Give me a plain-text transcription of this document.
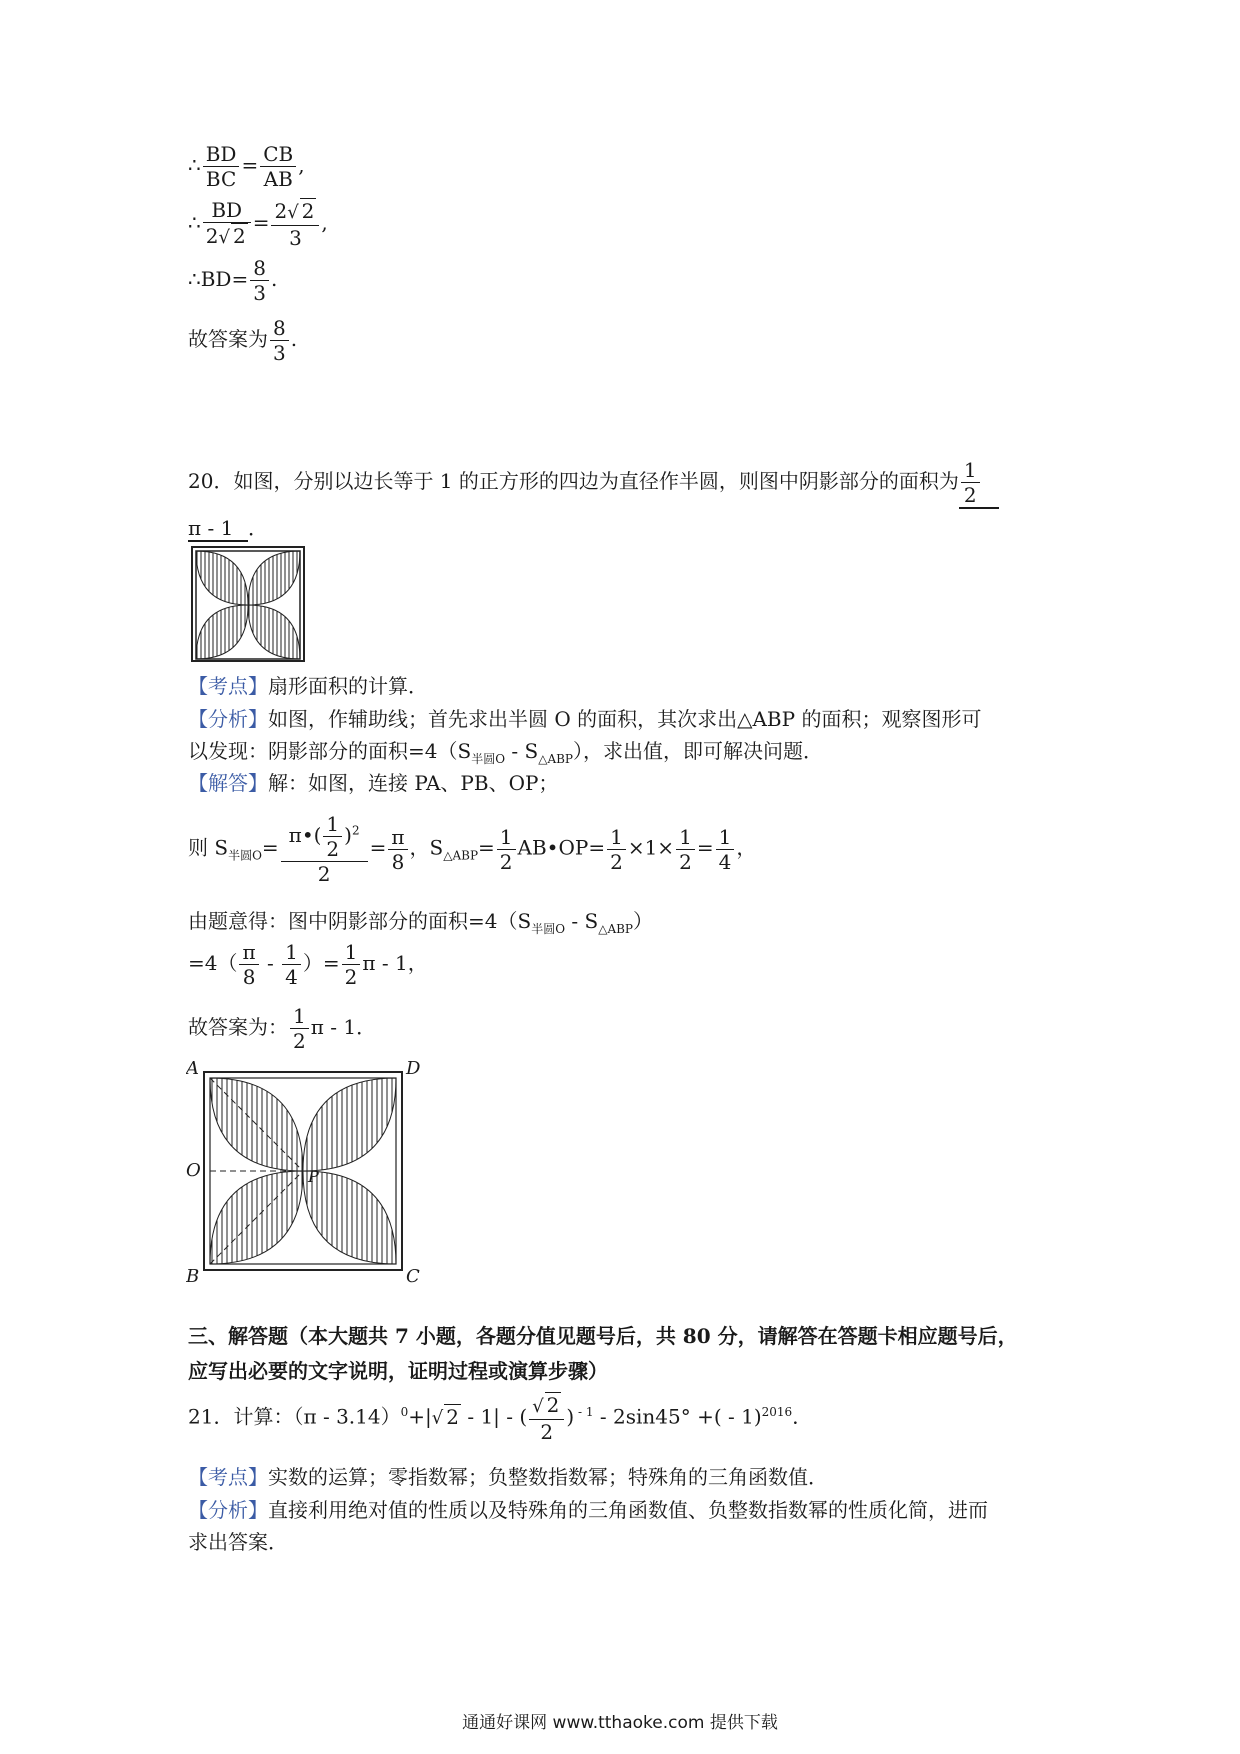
∴ $\frac{BD}{BC} = \frac{CB}{AB}$ ,
∴ $\frac{BD}{2√ 2} = \frac{2√ 2}{3}$ ,
∴BD= $\frac{8}{3}$ .
故答案为 $\frac{8}{3}$ .
20．如图，分别以边长等于 1 的正方形的四边为直径作半圆，则图中阴影部分的面积为 $\frac{1}{2}$
π - 1 ．
【考点】扇形面积的计算．
【分析】如图，作辅助线；首先求出半圆 O 的面积，其次求出△ABP 的面积；观察图形可
以发现：阴影部分的面积$=4(S_{半圆O} - S_{\triangle ABP})$，求出值，即可解决问题．
【解答】解：如图，连接 PA、PB、OP；
则 $S_{半圆O}= \frac{\pi•( \frac{1}{2} )^2}{2} = \frac{\pi}{8}$ ，$S_{\triangle ABP}= \frac{1}{2}$ AB•OP= $\frac{1}{2} \times 1\times \frac{1}{2} = \frac{1}{4}$ ，
由题意得：图中阴影部分的面积$=4(S_{半圆O} - S_{\triangle ABP})$
$=4( \frac{\pi}{8} - \frac{1}{4}$ ）= $\frac{1}{2}$ π - 1，
故答案为： $\frac{1}{2}$ π - 1．
A	D
O	P
B	C
三、解答题（本大题共 7 小题，各题分值见题号后，共 80 分，请解答在答题卡相应题号后，
应写出必要的文字说明，证明过程或演算步骤）
21．计算：（π - 3.14）$^0$+|√ 2 - 1| - ( $\frac{√ 2}{2}$ ) $^{- 1}$ - 2sin45° +( - 1)$^{2016}$．
【考点】实数的运算；零指数幂；负整数指数幂；特殊角的三角函数值．
【分析】直接利用绝对值的性质以及特殊角的三角函数值、负整数指数幂的性质化简，进而
求出答案．
通通好课网 www.tthaoke.com 提供下载
